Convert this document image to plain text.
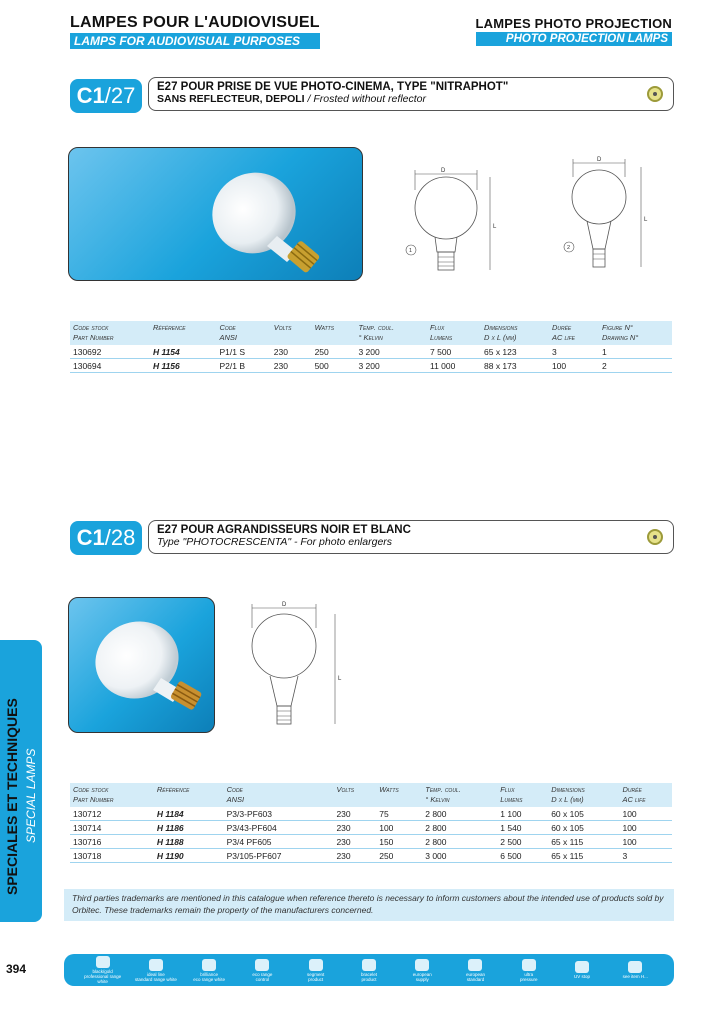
LAMPES POUR L'AUDIOVISUEL
LAMPS FOR AUDIOVISUAL PURPOSES
LAMPES PHOTO PROJECTION
PHOTO PROJECTION LAMPS
C1 /27 E27 POUR PRISE DE VUE PHOTO-CINEMA, TYPE "NITRAPHOT"
SANS REFLECTEUR, DEPOLI / Frosted without reflector
D
L
1
D
L
2
Code stock
Part Number	Référence	Code
ANSI	Volts	Watts	Temp. coul.
° Kelvin	Flux
Lumens	Dimensions
D x L (mm)	Durée
AC life	Figure N°
Drawing N°
130692	H 1154	P1/1 S	230	250	3 200	7 500	65 x 123	3	1
130694	H 1156	P2/1 B	230	500	3 200	11 000	88 x 173	100	2
C1 /28 E27 POUR AGRANDISSEURS NOIR ET BLANC
Type "PHOTOCRESCENTA" - For photo enlargers
D
L
Code stock
Part Number	Référence	Code
ANSI	Volts	Watts	Temp. coul.
° Kelvin	Flux
Lumens	Dimensions
D x L (mm)	Durée
AC life
130712	H 1184	P3/3-PF603	230	75	2 800	1 100	60 x 105	100
130714	H 1186	P3/43-PF604	230	100	2 800	1 540	60 x 105	100
130716	H 1188	P3/4 PF605	230	150	2 800	2 500	65 x 115	100
130718	H 1190	P3/105-PF607	230	250	3 000	6 500	65 x 115	3
SPECIALES ET TECHNIQUES SPECIAL LAMPS
Third parties trademarks are mentioned in this catalogue when reference thereto is necessary to inform customers about the intended use of products sold by Orbitec. These trademarks remain the property of the manufacturers concerned.
394	black/gold
professional range white
ideal line
standard range white
brilliance
eco range white
eco range
control
segment
product
bracelet
product
european
supply
european
standard
ultra
pressure	UV stop	see item H...
